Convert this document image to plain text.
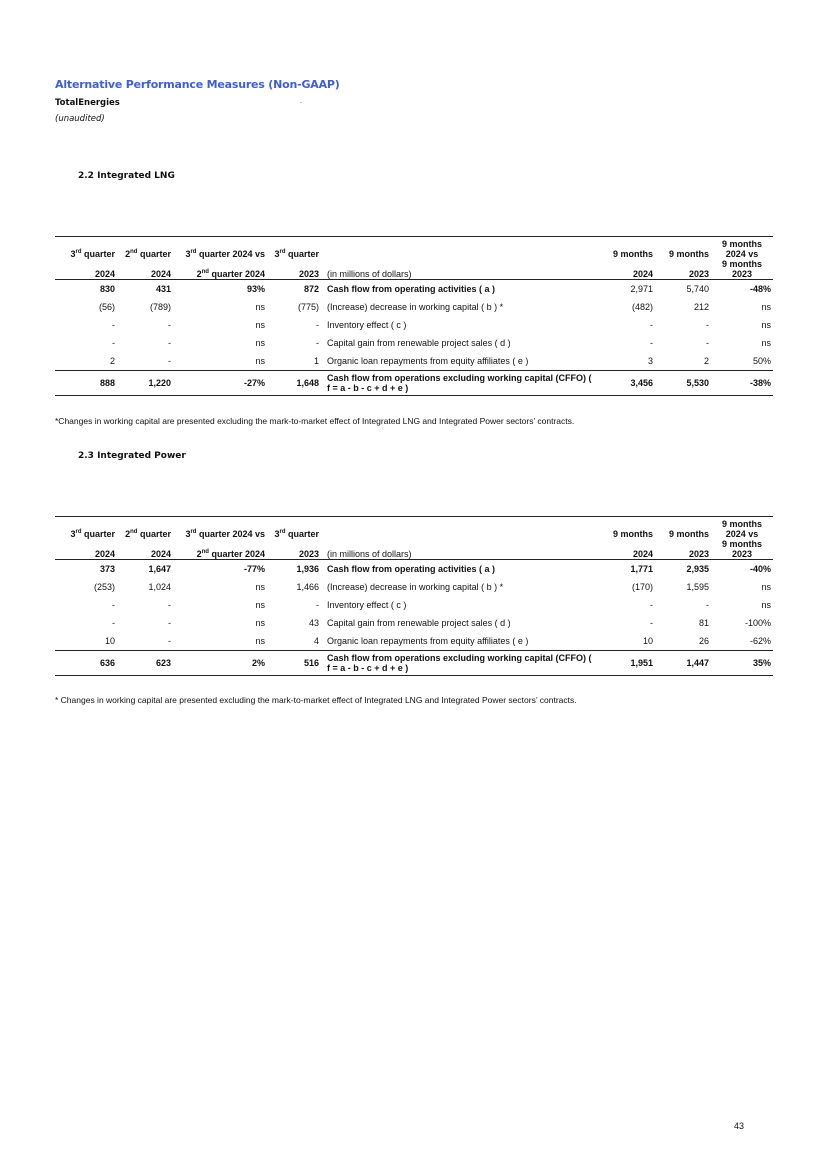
Alternative Performance Measures (Non-GAAP)
TotalEnergies	.
(unaudited)
2.2 Integrated LNG
3rd quarter	2nd quarter	3rd quarter 2024 vs	3rd quarter		9 months	9 months	9 months 2024 vs
2024	2024	2nd quarter 2024	2023	(in millions of dollars)	2024	2023	9 months 2023
830	431	93%	872	Cash flow from operating activities ( a )	2,971	5,740	-48%
(56)	(789)	ns	(775)	(Increase) decrease in working capital ( b ) *	(482)	212	ns
-	-	ns	-	Inventory effect ( c )	-	-	ns
-	-	ns	-	Capital gain from renewable project sales ( d )	-	-	ns
2	-	ns	1	Organic loan repayments from equity affiliates ( e )	3	2	50%
888	1,220	-27%	1,648	Cash flow from operations excluding working capital (CFFO) ( f = a - b - c + d + e )	3,456	5,530	-38%
*Changes in working capital are presented excluding the mark-to-market effect of Integrated LNG and Integrated Power sectors’ contracts.
2.3 Integrated Power
3rd quarter	2nd quarter	3rd quarter 2024 vs	3rd quarter		9 months	9 months	9 months 2024 vs
2024	2024	2nd quarter 2024	2023	(in millions of dollars)	2024	2023	9 months 2023
373	1,647	-77%	1,936	Cash flow from operating activities ( a )	1,771	2,935	-40%
(253)	1,024	ns	1,466	(Increase) decrease in working capital ( b ) *	(170)	1,595	ns
-	-	ns	-	Inventory effect ( c )	-	-	ns
-	-	ns	43	Capital gain from renewable project sales ( d )	-	81	-100%
10	-	ns	4	Organic loan repayments from equity affiliates ( e )	10	26	-62%
636	623	2%	516	Cash flow from operations excluding working capital (CFFO) ( f = a - b - c + d + e )	1,951	1,447	35%
* Changes in working capital are presented excluding the mark-to-market effect of Integrated LNG and Integrated Power sectors’ contracts.
43
